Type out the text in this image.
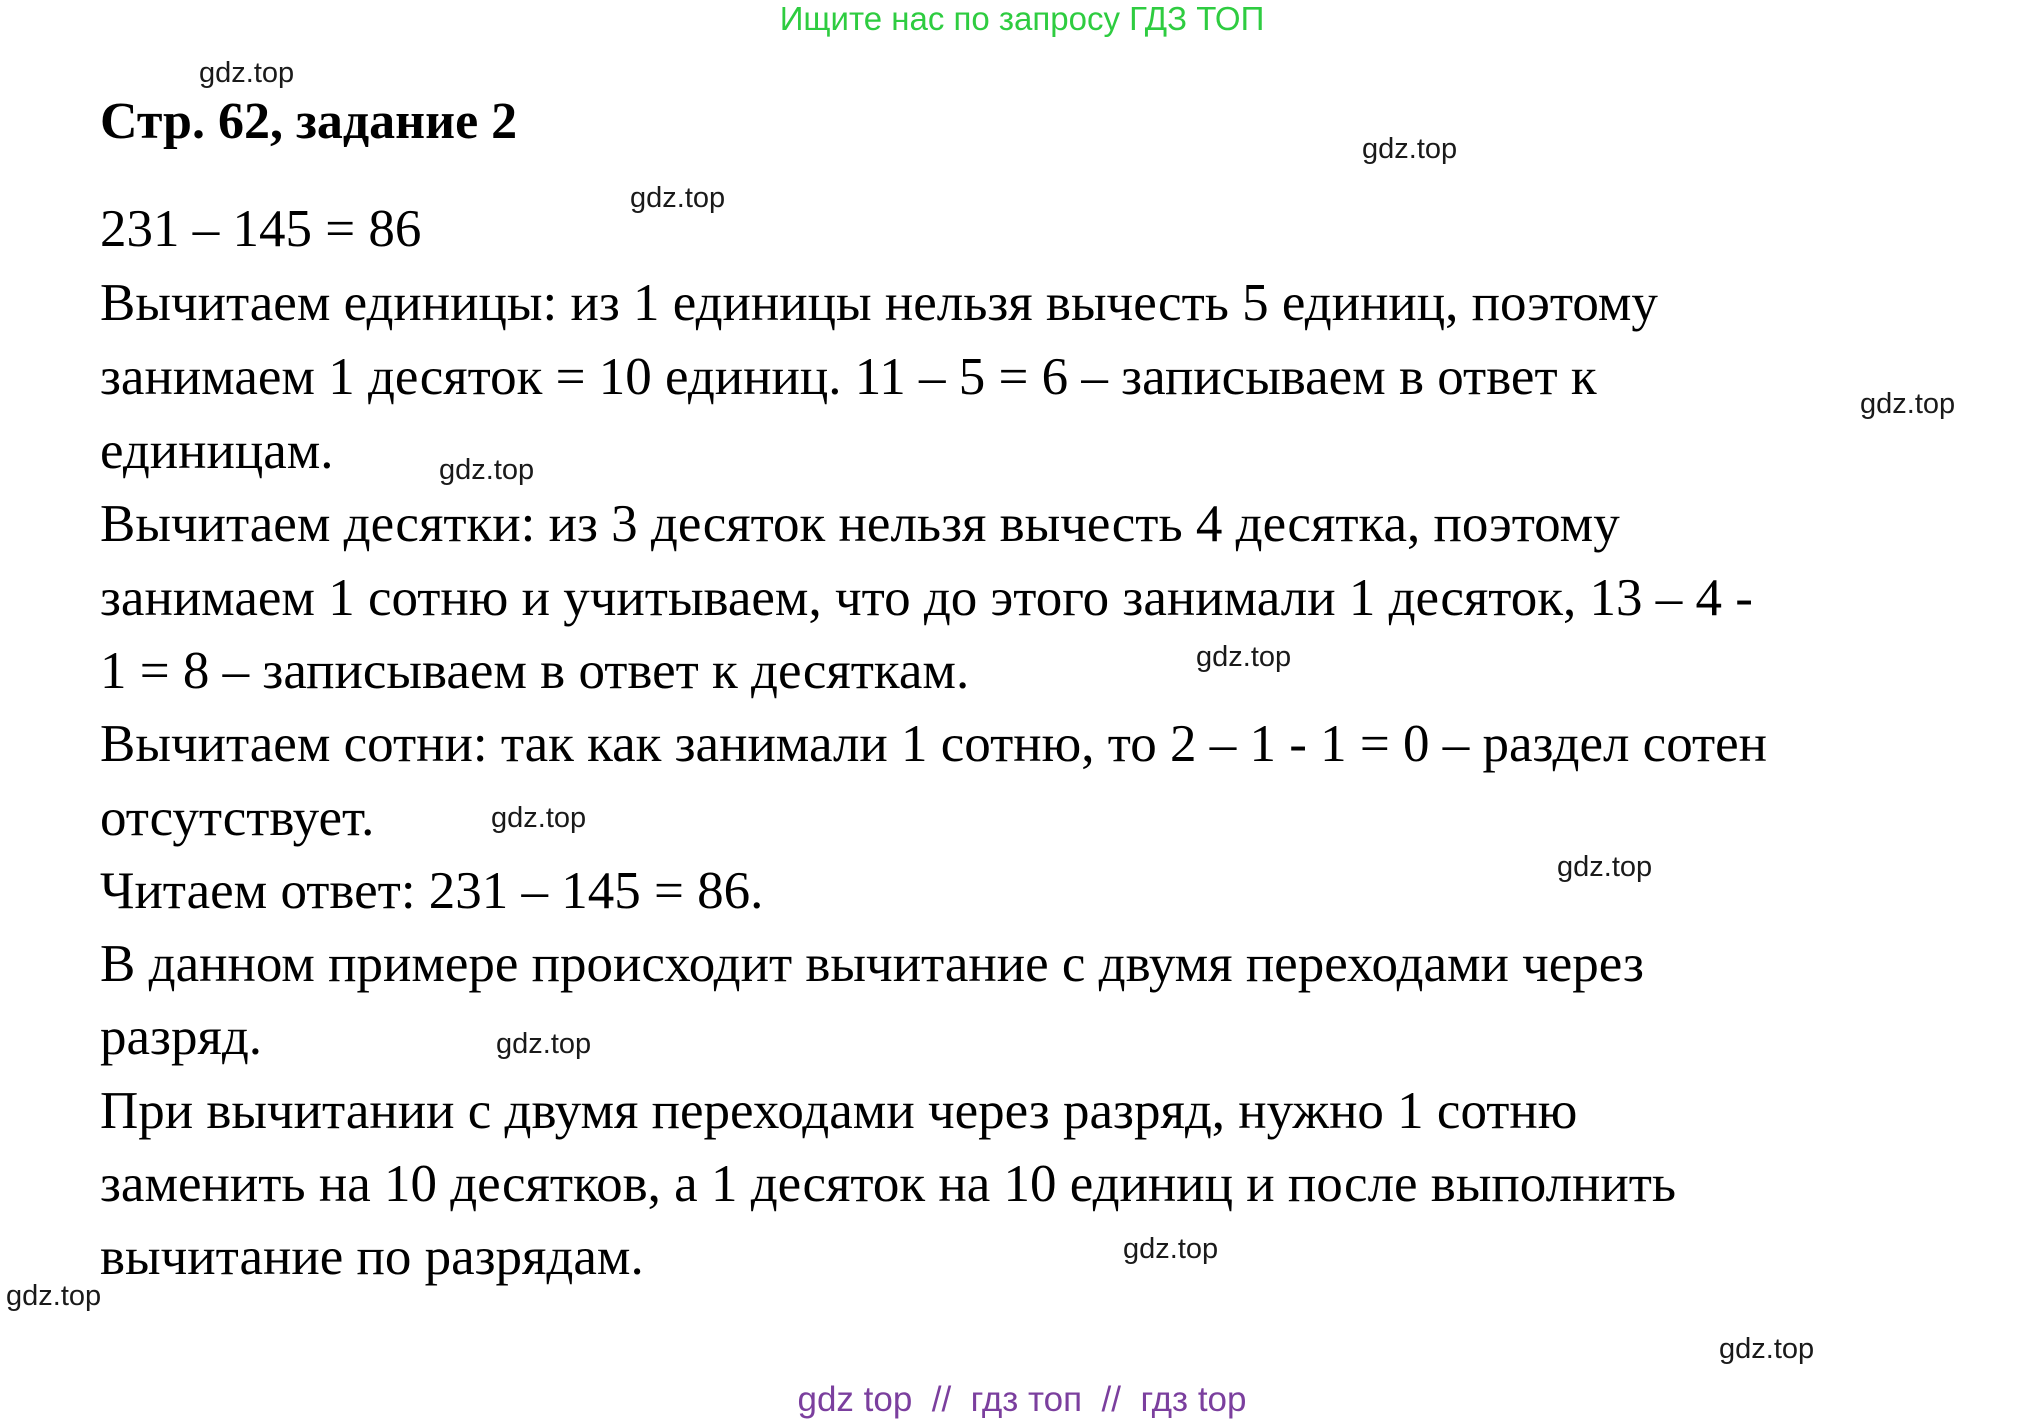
Ищите нас по запросу ГДЗ ТОП
Стр. 62, задание 2
231 – 145 = 86
Вычитаем единицы: из 1 единицы нельзя вычесть 5 единиц, поэтому
занимаем 1 десяток = 10 единиц. 11 – 5 = 6 – записываем в ответ к
единицам.
Вычитаем десятки: из 3 десяток нельзя вычесть 4 десятка, поэтому
занимаем 1 сотню и учитываем, что до этого занимали 1 десяток, 13 – 4 -
1 = 8 – записываем в ответ к десяткам.
Вычитаем сотни: так как занимали 1 сотню, то 2 – 1 - 1 = 0 – раздел сотен
отсутствует.
Читаем ответ: 231 – 145 = 86.
В данном примере происходит вычитание с двумя переходами через
разряд.
При вычитании с двумя переходами через разряд, нужно 1 сотню
заменить на 10 десятков, а 1 десяток на 10 единиц и после выполнить
вычитание по разрядам.
gdz.top
gdz.top
gdz.top
gdz.top
gdz.top
gdz.top
gdz.top
gdz.top
gdz.top
gdz.top
gdz.top
gdz.top
gdz top  //  гдз топ  //  гдз top
